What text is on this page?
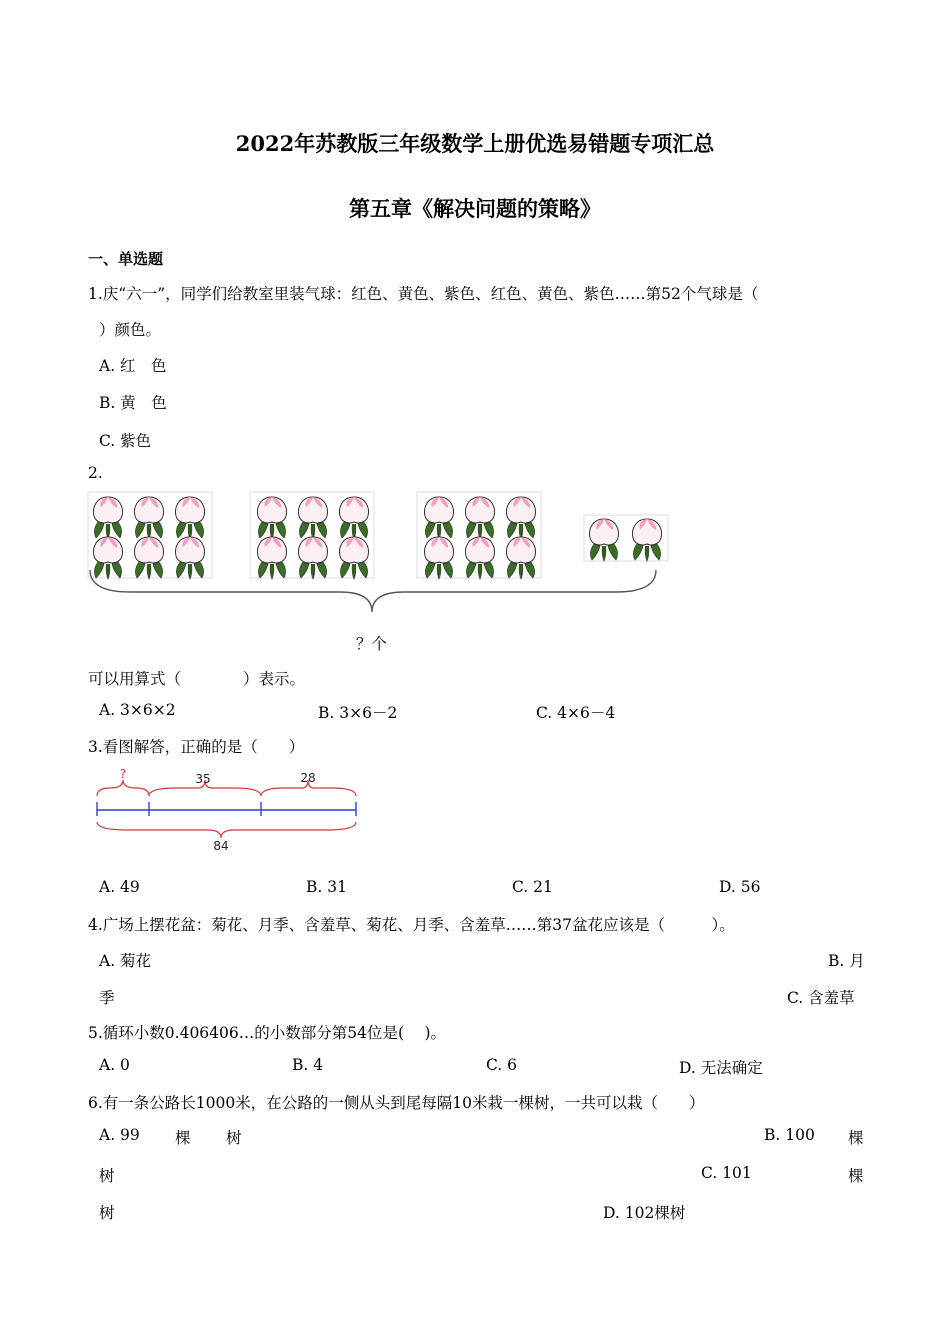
2022年苏教版三年级数学上册优选易错题专项汇总
第五章《解决问题的策略》
一、单选题
1.庆“六一”，同学们给教室里装气球：红色、黄色、紫色、红色、黄色、紫色……第52个气球是（
）颜色。
A. 红　色
B. 黄　色
C. 紫色
2.
？个
可以用算式（　　　　）表示。
A. 3×6×2	B. 3×6－2	C. 4×6－4
3.看图解答，正确的是（　　）
?	35	28
84
A. 49	B. 31	C. 21	D. 56
4.广场上摆花盆：菊花、月季、含羞草、菊花、月季、含羞草……第37盆花应该是（　　　）。
A. 菊花	B. 月
季	C. 含羞草
5.循环小数0.406406…的小数部分第54位是(　 )。
A. 0	B. 4	C. 6	D. 无法确定
6.有一条公路长1000米，在公路的一侧从头到尾每隔10米栽一棵树，一共可以栽（　　）
A. 99 棵 树	B. 100 棵
树	C. 101	棵
树	D. 102棵树
